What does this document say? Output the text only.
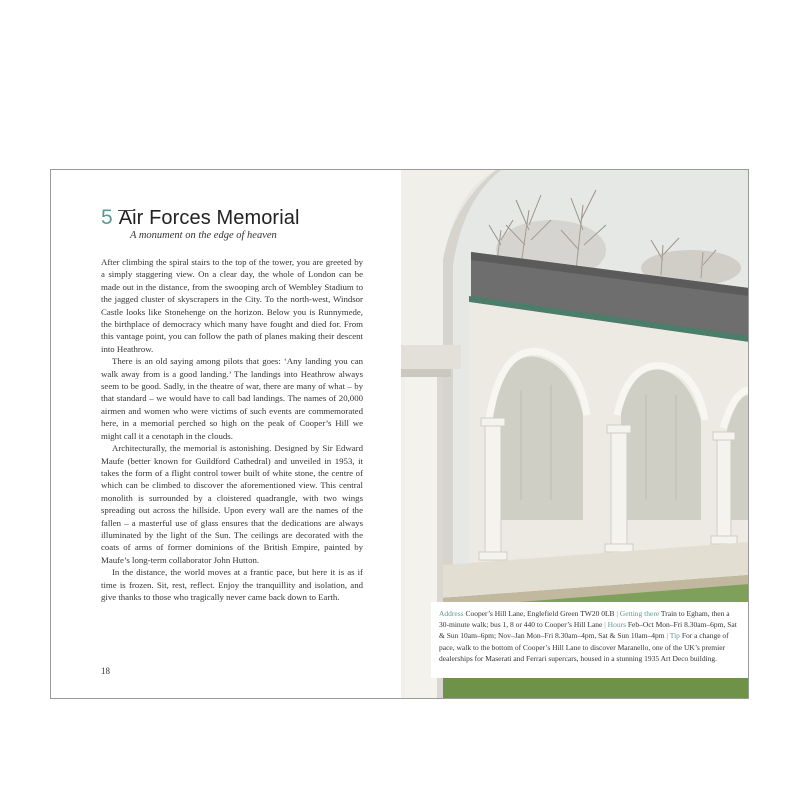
5 Air Forces Memorial
A monument on the edge of heaven

After climbing the spiral stairs to the top of the tower, you are greeted by a simply staggering view. On a clear day, the whole of London can be made out in the distance, from the swooping arch of Wembley Stadium to the jagged cluster of skyscrapers in the City. To the north-west, Windsor Castle looks like Stonehenge on the horizon. Below you is Runnymede, the birthplace of democracy which many have fought and died for. From this vantage point, you can follow the path of planes making their descent into Heathrow.

There is an old saying among pilots that goes: ‘Any landing you can walk away from is a good landing.’ The landings into Heathrow always seem to be good. Sadly, in the theatre of war, there are many of what – by that standard – we would have to call bad landings. The names of 20,000 airmen and women who were victims of such events are commemorated here, in a memorial perched so high on the peak of Cooper’s Hill we might call it a cenotaph in the clouds.

Architecturally, the memorial is astonishing. Designed by Sir Edward Maufe (better known for Guildford Cathedral) and unveiled in 1953, it takes the form of a flight control tower built of white stone, the centre of which can be climbed to discover the aforementioned view. This central monolith is surrounded by a cloistered quadrangle, with two wings spreading out across the hillside. Upon every wall are the names of the fallen – a masterful use of glass ensures that the dedications are always illuminated by the light of the Sun. The ceilings are decorated with the coats of arms of former dominions of the British Empire, painted by Maufe’s long-term collaborator John Hutton.

In the distance, the world moves at a frantic pace, but here it is as if time is frozen. Sit, rest, reflect. Enjoy the tranquillity and isolation, and give thanks to those who tragically never came back down to Earth.

18
Address Cooper’s Hill Lane, Englefield Green TW20 0LB | Getting there Train to Egham, then a 30-minute walk; bus 1, 8 or 440 to Cooper’s Hill Lane | Hours Feb–Oct Mon–Fri 8.30am–6pm, Sat & Sun 10am–6pm; Nov–Jan Mon–Fri 8.30am–4pm, Sat & Sun 10am–4pm | Tip For a change of pace, walk to the bottom of Cooper’s Hill Lane to discover Maranello, one of the UK’s premier dealerships for Maserati and Ferrari supercars, housed in a stunning 1935 Art Deco building.
